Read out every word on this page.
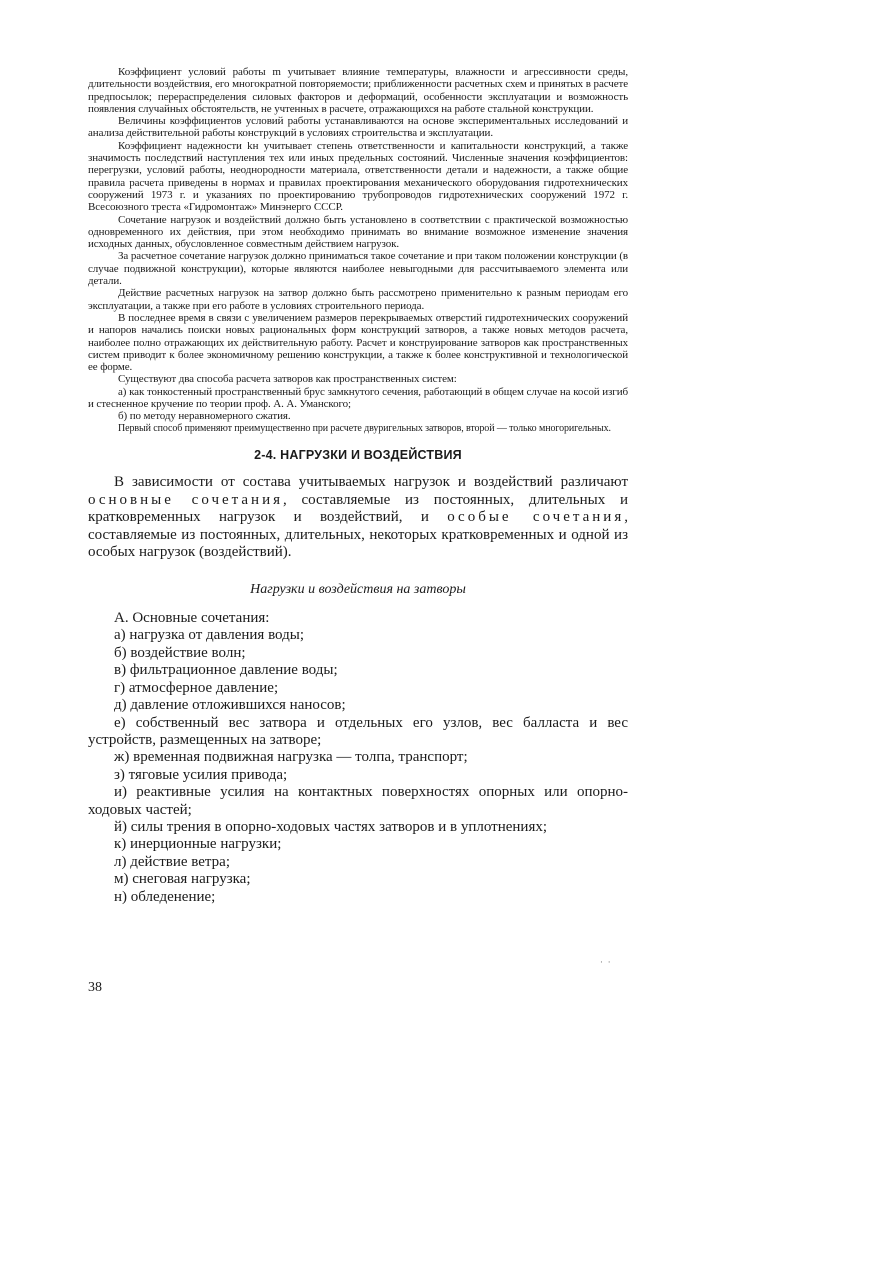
Коэффициент условий работы m учитывает влияние температуры, влажности и агрессивности среды, длительности воздействия, его многократной повторяемости; приближенности расчетных схем и принятых в расчете предпосылок; перераспределения силовых факторов и деформаций, особенности эксплуатации и возможность появления случайных обстоятельств, не учтенных в расчете, отражающихся на работе стальной конструкции.

Величины коэффициентов условий работы устанавливаются на основе экспериментальных исследований и анализа действительной работы конструкций в условиях строительства и эксплуатации.

Коэффициент надежности kн учитывает степень ответственности и капитальности конструкций, а также значимость последствий наступления тех или иных предельных состояний. Численные значения коэффициентов: перегрузки, условий работы, неоднородности материала, ответственности детали и надежности, а также общие правила расчета приведены в нормах и правилах проектирования механического оборудования гидротехнических сооружений 1973 г. и указаниях по проектированию трубопроводов гидротехнических сооружений 1972 г. Всесоюзного треста «Гидромонтаж» Минэнерго СССР.

Сочетание нагрузок и воздействий должно быть установлено в соответствии с практической возможностью одновременного их действия, при этом необходимо принимать во внимание возможное изменение значения исходных данных, обусловленное совместным действием нагрузок.

За расчетное сочетание нагрузок должно приниматься такое сочетание и при таком положении конструкции (в случае подвижной конструкции), которые являются наиболее невыгодными для рассчитываемого элемента или детали.

Действие расчетных нагрузок на затвор должно быть рассмотрено применительно к разным периодам его эксплуатации, а также при его работе в условиях строительного периода.

В последнее время в связи с увеличением размеров перекрываемых отверстий гидротехнических сооружений и напоров начались поиски новых рациональных форм конструкций затворов, а также новых методов расчета, наиболее полно отражающих их действительную работу. Расчет и конструирование затворов как пространственных систем приводит к более экономичному решению конструкции, а также к более конструктивной и технологической ее форме.

Существуют два способа расчета затворов как пространственных систем:

а) как тонкостенный пространственный брус замкнутого сечения, работающий в общем случае на косой изгиб и стесненное кручение по теории проф. А. А. Уманского;

б) по методу неравномерного сжатия.

Первый способ применяют преимущественно при расчете двуригельных затворов, второй — только многоригельных.

2-4. НАГРУЗКИ И ВОЗДЕЙСТВИЯ

В зависимости от состава учитываемых нагрузок и воздействий различают основные сочетания, составляемые из постоянных, длительных и кратковременных нагрузок и воздействий, и особые сочетания, составляемые из постоянных, длительных, некоторых кратковременных и одной из особых нагрузок (воздействий).

Нагрузки и воздействия на затворы

А. Основные сочетания:

а) нагрузка от давления воды;

б) воздействие волн;

в) фильтрационное давление воды;

г) атмосферное давление;

д) давление отложившихся наносов;

е) собственный вес затвора и отдельных его узлов, вес балласта и вес устройств, размещенных на затворе;

ж) временная подвижная нагрузка — толпа, транспорт;

з) тяговые усилия привода;

и) реактивные усилия на контактных поверхностях опорных или опорно-ходовых частей;

й) силы трения в опорно-ходовых частях затворов и в уплотнениях;

к) инерционные нагрузки;

л) действие ветра;

м) снеговая нагрузка;

н) обледенение;

38
· ·
